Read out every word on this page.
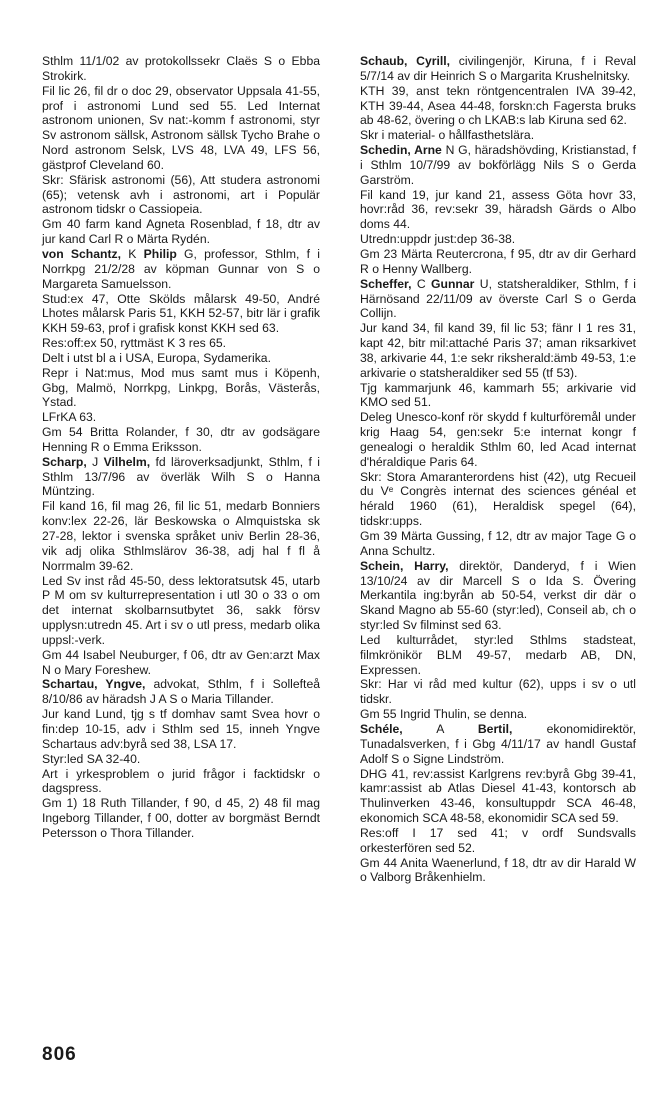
Sthlm 11/1/02 av protokollssekr Claës S o Ebba Strokirk.

Fil lic 26, fil dr o doc 29, observator Uppsala 41-55, prof i astronomi Lund sed 55. Led Internat astronom unionen, Sv nat:-komm f astronomi, styr Sv astronom sällsk, Astronom sällsk Tycho Brahe o Nord astronom Selsk, LVS 48, LVA 49, LFS 56, gästprof Cleveland 60.

Skr: Sfärisk astronomi (56), Att studera astronomi (65); vetensk avh i astronomi, art i Populär astronom tidskr o Cassiopeia.

Gm 40 farm kand Agneta Rosenblad, f 18, dtr av jur kand Carl R o Märta Rydén.

von Schantz, K Philip G, professor, Sthlm, f i Norrkpg 21/2/28 av köpman Gunnar von S o Margareta Samuelsson.

Stud:ex 47, Otte Skölds målarsk 49-50, André Lhotes målarsk Paris 51, KKH 52-57, bitr lär i grafik KKH 59-63, prof i grafisk konst KKH sed 63.

Res:off:ex 50, ryttmäst K 3 res 65.

Delt i utst bl a i USA, Europa, Sydamerika.

Repr i Nat:mus, Mod mus samt mus i Köpenh, Gbg, Malmö, Norrkpg, Linkpg, Borås, Västerås, Ystad.

LFrKA 63.

Gm 54 Britta Rolander, f 30, dtr av godsägare Henning R o Emma Eriksson.

Scharp, J Vilhelm, fd läroverksadjunkt, Sthlm, f i Sthlm 13/7/96 av överläk Wilh S o Hanna Müntzing.

Fil kand 16, fil mag 26, fil lic 51, medarb Bonniers konv:lex 22-26, lär Beskowska o Almquistska sk 27-28, lektor i svenska språket univ Berlin 28-36, vik adj olika Sthlmslärov 36-38, adj hal f fl å Norrmalm 39-62.

Led Sv inst råd 45-50, dess lektoratsutsk 45, utarb P M om sv kulturrepresentation i utl 30 o 33 o om det internat skolbarnsutbytet 36, sakk försv upplysn:utredn 45. Art i sv o utl press, medarb olika uppsl:-verk.

Gm 44 Isabel Neuburger, f 06, dtr av Gen:arzt Max N o Mary Foreshew.

Schartau, Yngve, advokat, Sthlm, f i Sollefteå 8/10/86 av häradsh J A S o Maria Tillander.

Jur kand Lund, tjg s tf domhav samt Svea hovr o fin:dep 10-15, adv i Sthlm sed 15, inneh Yngve Schartaus adv:byrå sed 38, LSA 17.

Styr:led SA 32-40.

Art i yrkesproblem o jurid frågor i facktidskr o dagspress.

Gm 1) 18 Ruth Tillander, f 90, d 45, 2) 48 fil mag Ingeborg Tillander, f 00, dotter av borgmäst Berndt Petersson o Thora Tillander.

Schaub, Cyrill, civilingenjör, Kiruna, f i Reval 5/7/14 av dir Heinrich S o Margarita Krushelnitsky.

KTH 39, anst tekn röntgencentralen IVA 39-42, KTH 39-44, Asea 44-48, forskn:ch Fagersta bruks ab 48-62, övering o ch LKAB:s lab Kiruna sed 62.

Skr i material- o hållfasthetslära.

Schedin, Arne N G, häradshövding, Kristianstad, f i Sthlm 10/7/99 av bokförlägg Nils S o Gerda Garström.

Fil kand 19, jur kand 21, assess Göta hovr 33, hovr:råd 36, rev:sekr 39, häradsh Gärds o Albo doms 44.

Utredn:uppdr just:dep 36-38.

Gm 23 Märta Reutercrona, f 95, dtr av dir Gerhard R o Henny Wallberg.

Scheffer, C Gunnar U, statsheraldiker, Sthlm, f i Härnösand 22/11/09 av överste Carl S o Gerda Collijn.

Jur kand 34, fil kand 39, fil lic 53; fänr I 1 res 31, kapt 42, bitr mil:attaché Paris 37; aman riksarkivet 38, arkivarie 44, 1:e sekr riksherald:ämb 49-53, 1:e arkivarie o statsheraldiker sed 55 (tf 53).

Tjg kammarjunk 46, kammarh 55; arkivarie vid KMO sed 51.

Deleg Unesco-konf rör skydd f kulturföremål under krig Haag 54, gen:sekr 5:e internat kongr f genealogi o heraldik Sthlm 60, led Acad internat d'héraldique Paris 64.

Skr: Stora Amaranterordens hist (42), utg Recueil du Vᵉ Congrès internat des sciences généal et hérald 1960 (61), Heraldisk spegel (64), tidskr:upps.

Gm 39 Märta Gussing, f 12, dtr av major Tage G o Anna Schultz.

Schein, Harry, direktör, Danderyd, f i Wien 13/10/24 av dir Marcell S o Ida S. Övering Merkantila ing:byrån ab 50-54, verkst dir där o Skand Magno ab 55-60 (styr:led), Conseil ab, ch o styr:led Sv filminst sed 63.

Led kulturrådet, styr:led Sthlms stadsteat, filmkrönikör BLM 49-57, medarb AB, DN, Expressen.

Skr: Har vi råd med kultur (62), upps i sv o utl tidskr.

Gm 55 Ingrid Thulin, se denna.

Schéle,	A	Bertil,	ekonomidirektör, Tunadalsverken, f i Gbg 4/11/17 av handl Gustaf Adolf S o Signe Lindström.

DHG 41, rev:assist Karlgrens rev:byrå Gbg 39-41, kamr:assist ab Atlas Diesel 41-43, kontorsch ab Thulinverken 43-46, konsultuppdr SCA 46-48, ekonomich SCA 48-58, ekonomidir SCA sed 59.

Res:off I 17 sed 41; v ordf Sundsvalls orkesterfören sed 52.

Gm 44 Anita Waenerlund, f 18, dtr av dir Harald W o Valborg Bråkenhielm.

806
